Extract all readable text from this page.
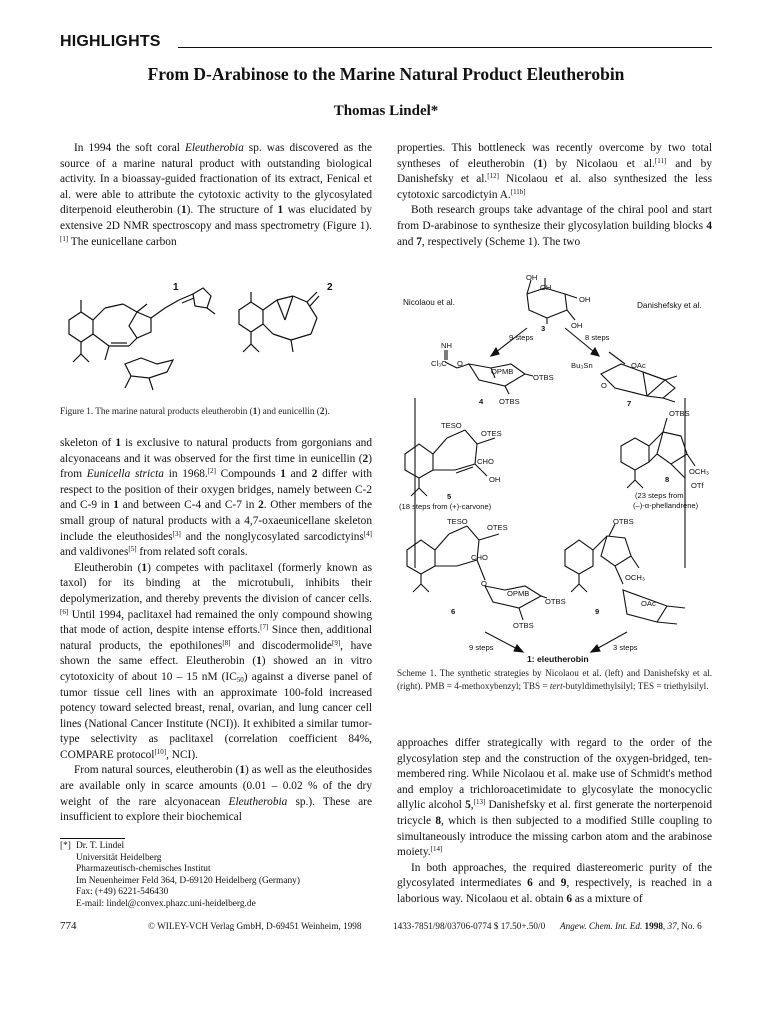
HIGHLIGHTS
From D-Arabinose to the Marine Natural Product Eleutherobin
Thomas Lindel*

In 1994 the soft coral Eleutherobia sp. was discovered as the source of a marine natural product with outstanding biological activity. In a bioassay-guided fractionation of its extract, Fenical et al. were able to attribute the cytotoxic activity to the glycosylated diterpenoid eleutherobin (1). The structure of 1 was elucidated by extensive 2D NMR spectroscopy and mass spectrometry (Figure 1).[1] The eunicellane carbon

properties. This bottleneck was recently overcome by two total syntheses of eleutherobin (1) by Nicolaou et al.[11] and by Danishefsky et al.[12] Nicolaou et al. also synthesized the less cytotoxic sarcodictyin A.[11b]

Both research groups take advantage of the chiral pool and start from D-arabinose to synthesize their glycosylation building blocks 4 and 7, respectively (Scheme 1). The two

skeleton of 1 is exclusive to natural products from gorgonians and alcyonaceans and it was observed for the first time in eunicellin (2) from Eunicella stricta in 1968.[2] Compounds 1 and 2 differ with respect to the position of their oxygen bridges, namely between C-2 and C-9 in 1 and between C-4 and C-7 in 2. Other members of the small group of natural products with a 4,7-oxaeunicellane skeleton include the eleuthosides[3] and the nonglycosylated sarcodictyins[4] and valdivones[5] from related soft corals.

Eleutherobin (1) competes with paclitaxel (formerly known as taxol) for its binding at the microtubuli, inhibits their depolymerization, and thereby prevents the division of cancer cells.[6] Until 1994, paclitaxel had remained the only compound showing that mode of action, despite intense efforts.[7] Since then, additional natural products, the epothilones[8] and discodermolide[9], have shown the same effect. Eleutherobin (1) showed an in vitro cytotoxicity of about 10 – 15 nM $(IC_{50})$ against a diverse panel of tumor tissue cell lines with an approximate 100-fold increased potency toward selected breast, renal, ovarian, and lung cancer cell lines (National Cancer Institute (NCI)). It exhibited a similar tumor-type selectivity as paclitaxel (correlation coefficient 84%, COMPARE protocol[10], NCI).

From natural sources, eleutherobin (1) as well as the eleuthosides are available only in scarce amounts (0.01 – 0.02 % of the dry weight of the rare alcyonacean Eleutherobia sp.). These are insufficient to explore their biochemical

approaches differ strategically with regard to the order of the glycosylation step and the construction of the oxygen-bridged, ten-membered ring. While Nicolaou et al. make use of Schmidt's method and employ a trichloroacetimidate to glycosylate the monocyclic allylic alcohol 5,[13] Danishefsky et al. first generate the norterpenoid tricycle 8, which is then subjected to a modified Stille coupling to simultaneously introduce the missing carbon atom and the arabinose moiety.[14]

In both approaches, the required diastereomeric purity of the glycosylated intermediates 6 and 9, respectively, is reached in a laborious way. Nicolaou et al. obtain 6 as a mixture of

1	2
Figure 1. The marine natural products eleutherobin (1) and eunicellin (2).
Nicolaou et al.	Danishefsky et al.
OH
OH
OH
3	OH
9 steps	8 steps
NH
Cl₃C O
OPMB
OTBS
OTBS
4
Bu₃Sn	OAc
O
7
TESO
OTES
CHO
OH
5
(18 steps from (+)-carvone)
OTBS
OCH₃
OTf
8
(23 steps from
(–)-α-phellandrene)
TESO
OTES
CHO
O
OPMB
OTBS
OTBS
6
OTBS
OCH₃
OAc
9
9 steps	3 steps
1: eleutherobin
Scheme 1. The synthetic strategies by Nicolaou et al. (left) and Danishefsky et al. (right). PMB = 4-methoxybenzyl; TBS = tert-butyldimethylsilyl; TES = triethylsilyl.
[*] Dr. T. Lindel
Universität Heidelberg
Pharmazeutisch-chemisches Institut
Im Neuenheimer Feld 364, D-69120 Heidelberg (Germany)
Fax: (+49) 6221-546430
E-mail: lindel@convex.phazc.uni-heidelberg.de
774	© WILEY-VCH Verlag GmbH, D-69451 Weinheim, 1998	1433-7851/98/03706-0774 $ 17.50+.50/0 Angew. Chem. Int. Ed. 1998, 37, No. 6
